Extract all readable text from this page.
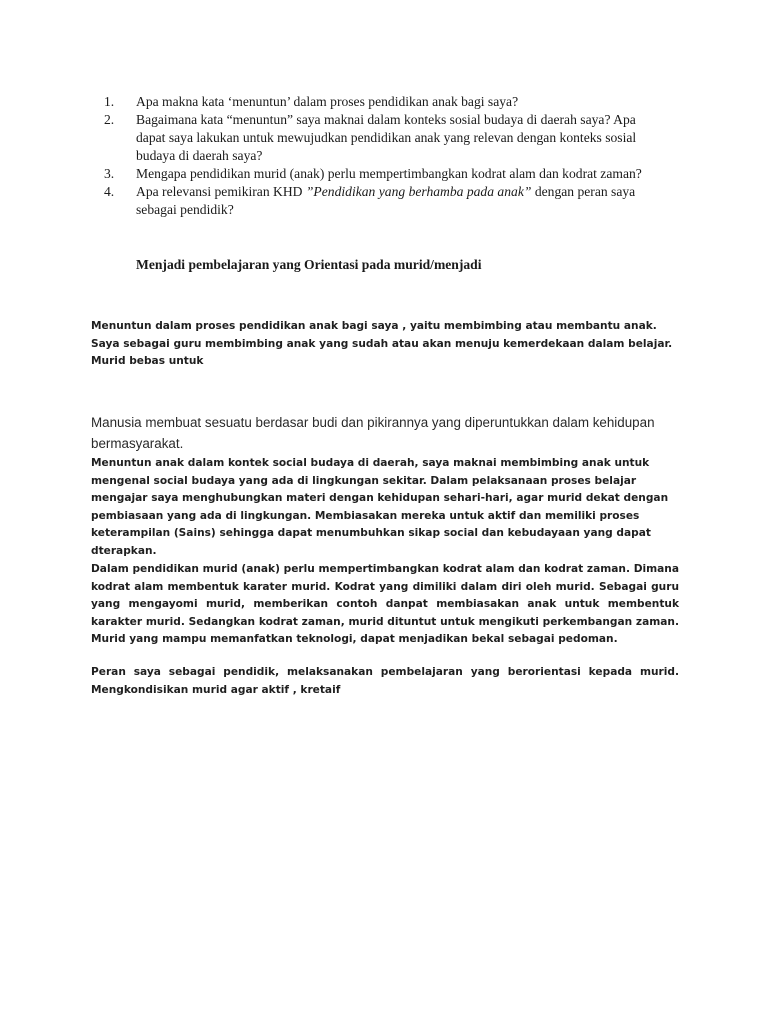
1.	Apa makna kata ‘menuntun’ dalam proses pendidikan anak bagi saya?
2.	Bagaimana kata “menuntun” saya maknai dalam konteks sosial budaya di daerah saya? Apa dapat saya lakukan untuk mewujudkan pendidikan anak yang relevan dengan konteks sosial budaya di daerah saya?
3.	Mengapa pendidikan murid (anak) perlu mempertimbangkan kodrat alam dan kodrat zaman?
4.	Apa relevansi pemikiran KHD ”Pendidikan yang berhamba pada anak” dengan peran saya sebagai pendidik?

Menjadi pembelajaran yang Orientasi pada murid/menjadi

Menuntun dalam proses pendidikan anak bagi saya , yaitu membimbing atau membantu anak. Saya sebagai guru membimbing anak yang sudah atau akan menuju kemerdekaan dalam belajar. Murid bebas untuk

Manusia membuat sesuatu berdasar budi dan pikirannya yang diperuntukkan dalam kehidupan bermasyarakat.

Menuntun anak dalam kontek social budaya di daerah, saya maknai membimbing anak untuk mengenal social budaya yang ada di lingkungan sekitar. Dalam pelaksanaan proses belajar mengajar saya menghubungkan materi dengan kehidupan sehari-hari, agar murid dekat dengan pembiasaan yang ada di lingkungan. Membiasakan mereka untuk aktif dan memiliki proses keterampilan (Sains) sehingga dapat menumbuhkan sikap social dan kebudayaan yang dapat dterapkan.

Dalam pendidikan murid (anak) perlu mempertimbangkan kodrat alam dan kodrat zaman. Dimana kodrat alam membentuk karater murid. Kodrat yang dimiliki dalam diri oleh murid. Sebagai guru yang mengayomi murid, memberikan contoh danpat membiasakan anak untuk membentuk karakter murid. Sedangkan kodrat zaman, murid dituntut untuk mengikuti perkembangan zaman. Murid yang mampu memanfatkan teknologi, dapat menjadikan bekal sebagai pedoman.

Peran saya sebagai pendidik, melaksanakan pembelajaran yang berorientasi kepada murid. Mengkondisikan murid agar aktif , kretaif
